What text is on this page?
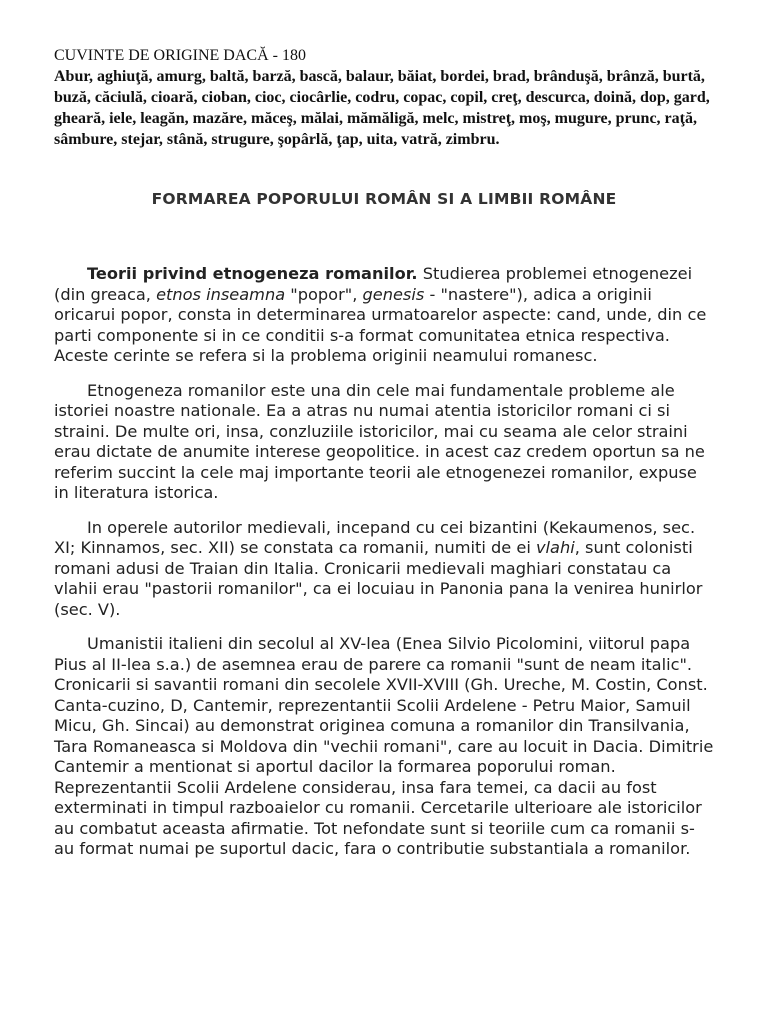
CUVINTE DE ORIGINE DACĂ - 180

Abur, aghiuţă, amurg, baltă, barză, bască, balaur, băiat, bordei, brad, brânduşă, brânză, burtă, buză, căciulă, cioară, cioban, cioc, ciocârlie, codru, copac, copil, creţ, descurca, doină, dop, gard, gheară, iele, leagăn, mazăre, măceş, mălai, mămăligă, melc, mistreţ, moş, mugure, prunc, raţă, sâmbure, stejar, stână, strugure, şopârlă, ţap, uita, vatră, zimbru.

FORMAREA POPORULUI ROMÂN SI A LIMBII ROMÂNE

Teorii privind etnogeneza romanilor. Studierea problemei etnogenezei (din greaca, etnos inseamna "popor", genesis - "nastere"), adica a originii oricarui popor, consta in determinarea urmatoarelor aspecte: cand, unde, din ce parti componente si in ce conditii s-a format comunitatea etnica respectiva. Aceste cerinte se refera si la problema originii neamului romanesc.

Etnogeneza romanilor este una din cele mai fundamentale probleme ale istoriei noastre nationale. Ea a atras nu numai atentia istoricilor romani ci si straini. De multe ori, insa, conzluziile istoricilor, mai cu seama ale celor straini erau dictate de anumite interese geopolitice. in acest caz credem oportun sa ne referim succint la cele maj importante teorii ale etnogenezei romanilor, expuse in literatura istorica.

In operele autorilor medievali, incepand cu cei bizantini (Kekaumenos, sec. XI; Kinnamos, sec. XII) se constata ca romanii, numiti de ei vlahi, sunt colonisti romani adusi de Traian din Italia. Cronicarii medievali maghiari constatau ca vlahii erau "pastorii romanilor", ca ei locuiau in Panonia pana la venirea hunirlor (sec. V).

Umanistii italieni din secolul al XV-lea (Enea Silvio Picolomini, viitorul papa Pius al II-lea s.a.) de asemnea erau de parere ca romanii "sunt de neam italic". Cronicarii si savantii romani din secolele XVII-XVIII (Gh. Ureche, M. Costin, Const. Canta-cuzino, D, Cantemir, reprezentantii Scolii Ardelene - Petru Maior, Samuil Micu, Gh. Sincai) au demonstrat originea comuna a romanilor din Transilvania, Tara Romaneasca si Moldova din "vechii romani", care au locuit in Dacia. Dimitrie Cantemir a mentionat si aportul dacilor la formarea poporului roman. Reprezentantii Scolii Ardelene considerau, insa fara temei, ca dacii au fost exterminati in timpul razboaielor cu romanii. Cercetarile ulterioare ale istoricilor au combatut aceasta afirmatie. Tot nefondate sunt si teoriile cum ca romanii s-au format numai pe suportul dacic, fara o contributie substantiala a romanilor.
